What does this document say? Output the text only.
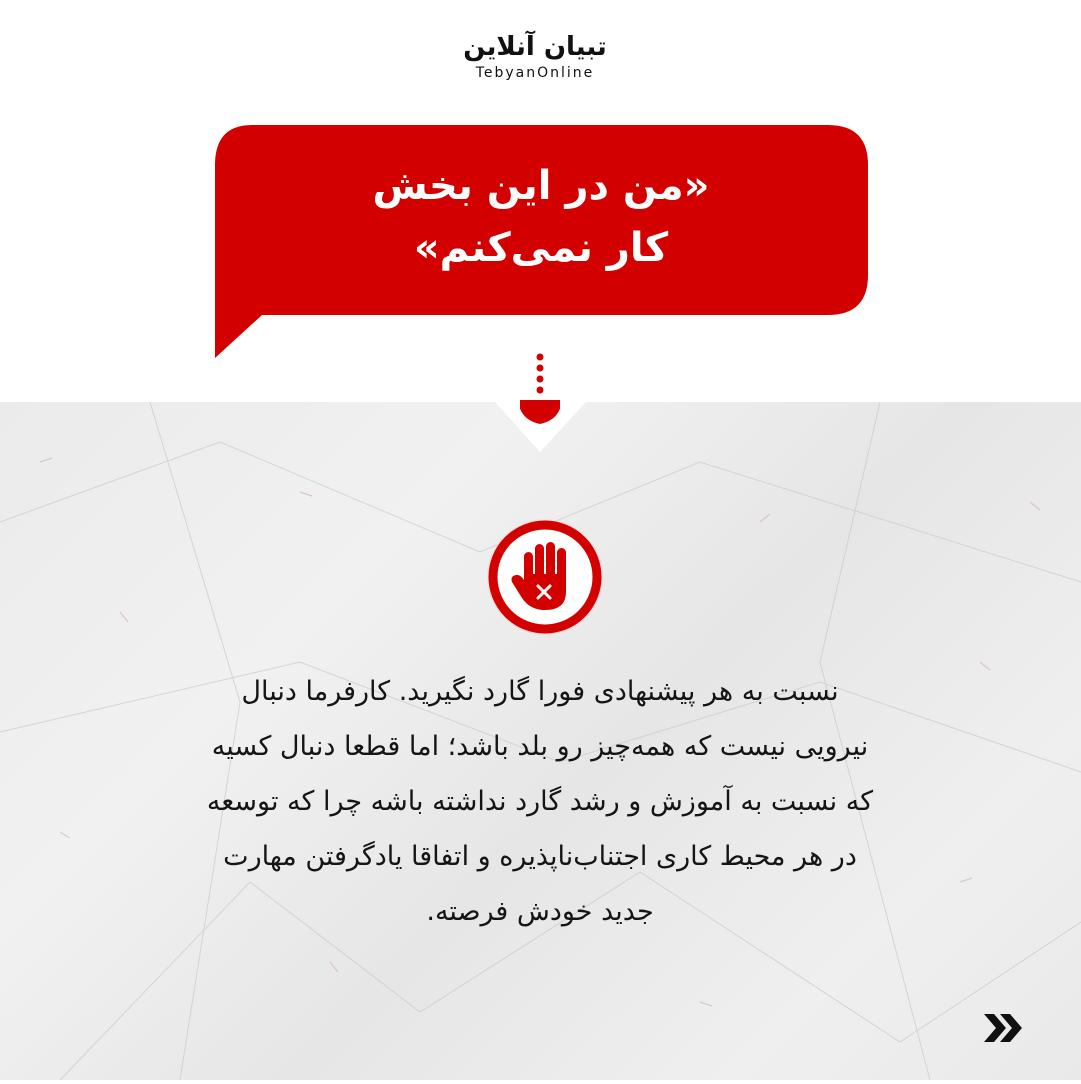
تبیان آنلاین
TebyanOnline
«من در این بخش
کار نمی‌کنم»
نسبت به هر پیشنهادی فورا گارد نگیرید. کارفرما دنبال
نیرویی نیست که همه‌چیز رو بلد باشد؛ اما قطعا دنبال کسیه
که نسبت به آموزش و رشد گارد نداشته باشه چرا که توسعه
در هر محیط کاری اجتناب‌ناپذیره و اتفاقا یادگرفتن مهارت
جدید خودش فرصته.
